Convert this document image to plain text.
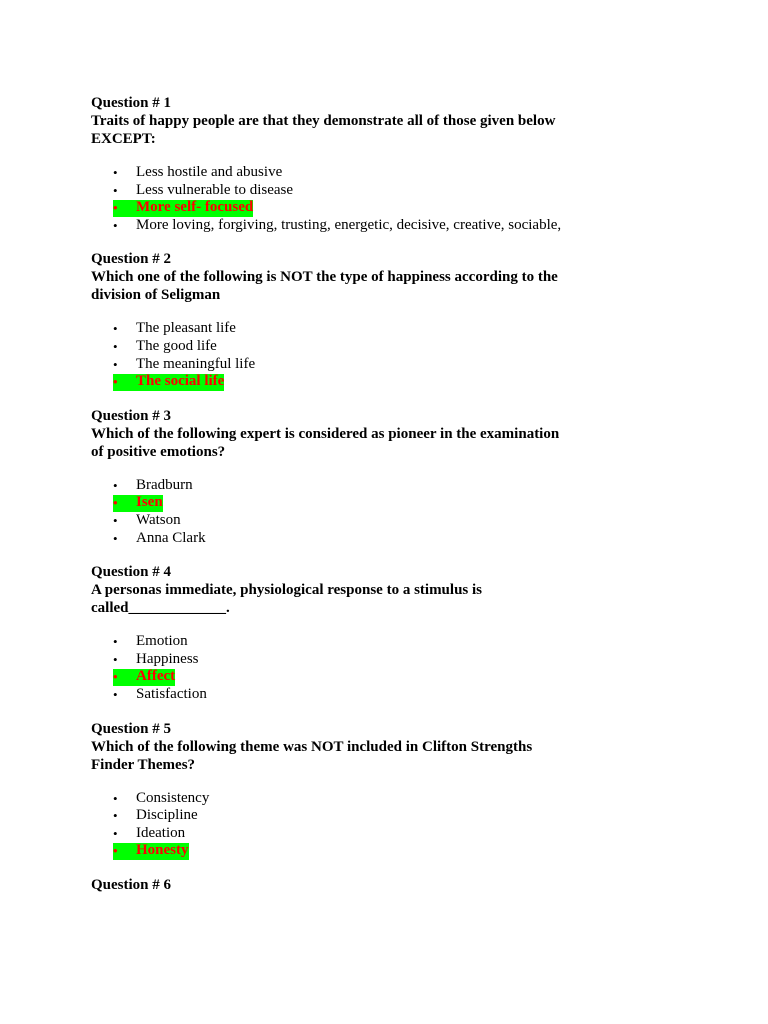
Question # 1

Traits of happy people are that they demonstrate all of those given below EXCEPT:

• Less hostile and abusive
• Less vulnerable to disease
• More self- focused
• More loving, forgiving, trusting, energetic, decisive, creative, sociable,

Question # 2

Which one of the following is NOT the type of happiness according to the division of Seligman

• The pleasant life
• The good life
• The meaningful life
• The social life

Question # 3

Which of the following expert is considered as pioneer in the examination of positive emotions?

• Bradburn
• Isen
• Watson
• Anna Clark

Question # 4

A personas immediate, physiological response to a stimulus is called_____________.

• Emotion
• Happiness
• Affect
• Satisfaction

Question # 5

Which of the following theme was NOT included in Clifton Strengths Finder Themes?

• Consistency
• Discipline
• Ideation
• Honesty

Question # 6
